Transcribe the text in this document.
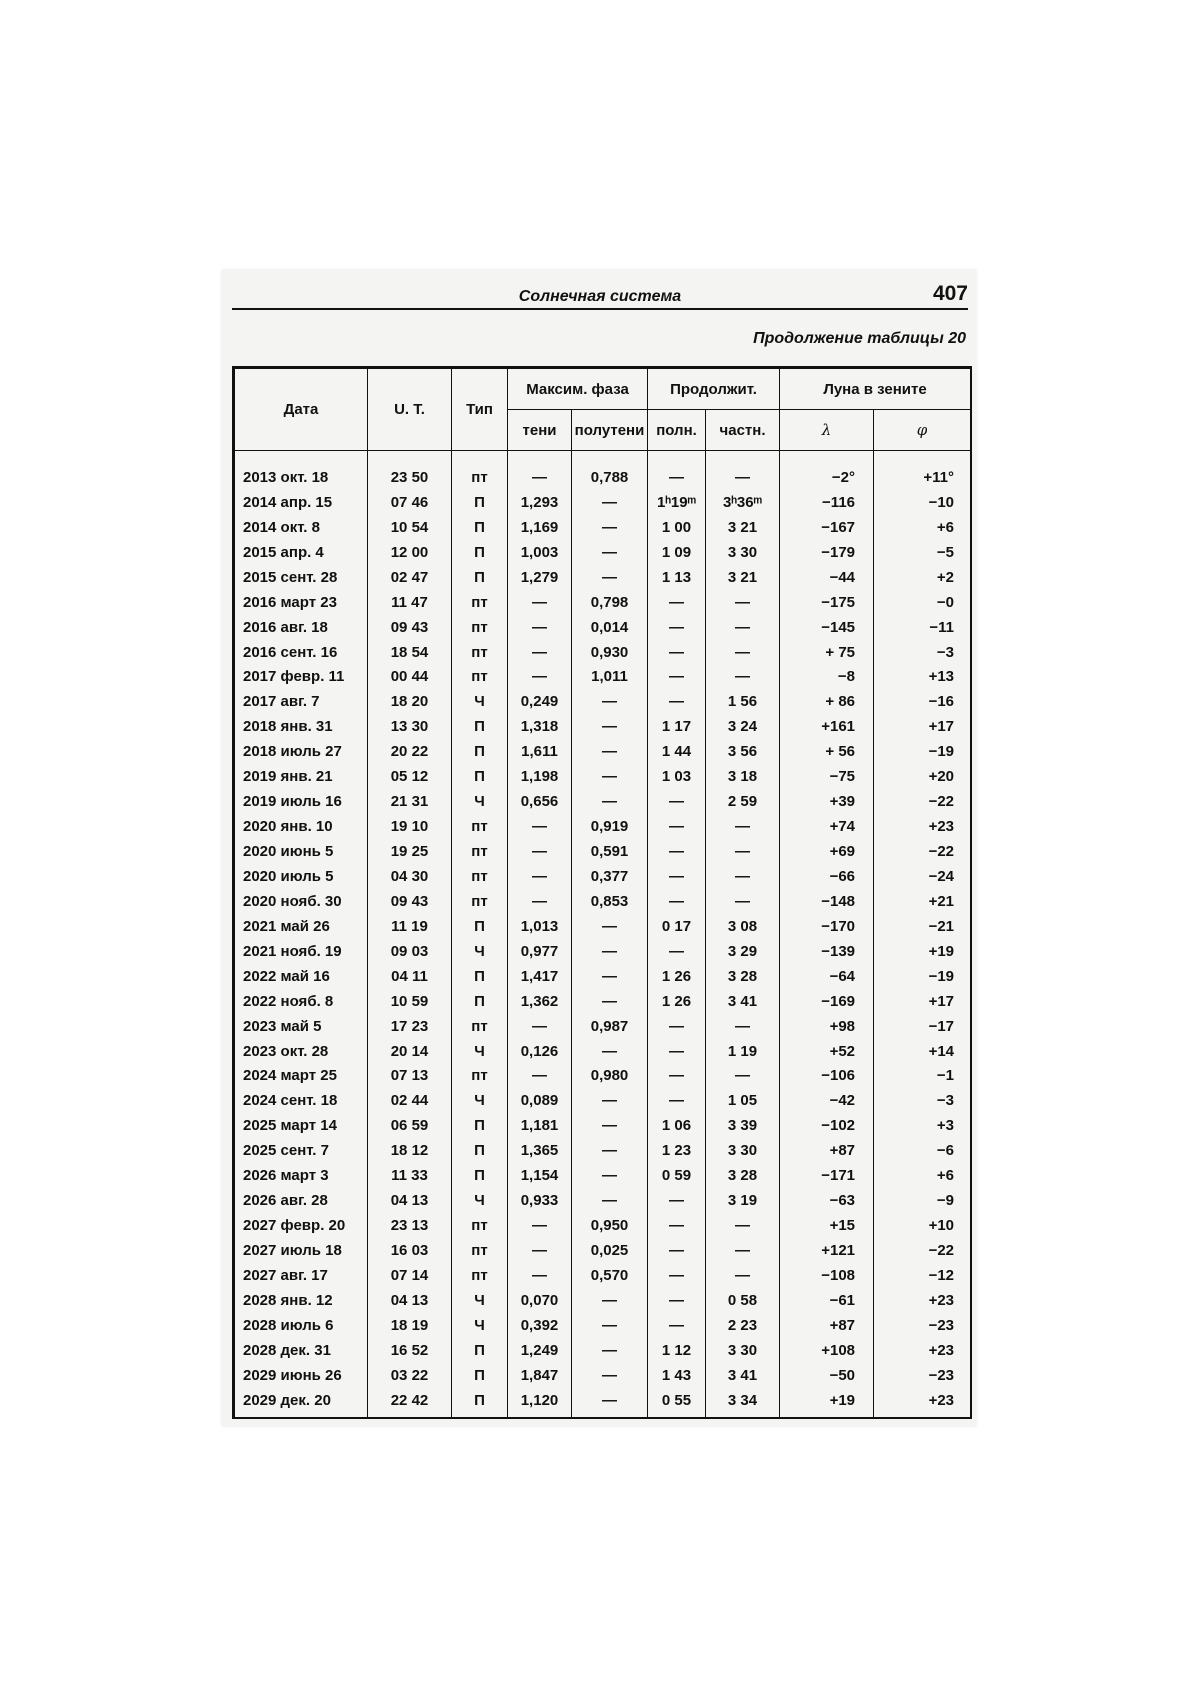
Солнечная система	407
Продолжение таблицы 20
Дата	U. T.	Тип	Максим. фаза		Продолжит.		Луна в зените	
			тени	полутени	полн.	частн.	λ	φ
2013 окт. 18	23 50	пт	—	0,788	—	—	−2°	+11°
2014 апр. 15	07 46	П	1,293	—	1ʰ19ᵐ	3ʰ36ᵐ	−116	−10
2014 окт. 8	10 54	П	1,169	—	1 00	3 21	−167	+6
2015 апр. 4	12 00	П	1,003	—	1 09	3 30	−179	−5
2015 сент. 28	02 47	П	1,279	—	1 13	3 21	−44	+2
2016 март 23	11 47	пт	—	0,798	—	—	−175	−0
2016 авг. 18	09 43	пт	—	0,014	—	—	−145	−11
2016 сент. 16	18 54	пт	—	0,930	—	—	+ 75	−3
2017 февр. 11	00 44	пт	—	1,011	—	—	−8	+13
2017 авг. 7	18 20	Ч	0,249	—	—	1 56	+ 86	−16
2018 янв. 31	13 30	П	1,318	—	1 17	3 24	+161	+17
2018 июль 27	20 22	П	1,611	—	1 44	3 56	+ 56	−19
2019 янв. 21	05 12	П	1,198	—	1 03	3 18	−75	+20
2019 июль 16	21 31	Ч	0,656	—	—	2 59	+39	−22
2020 янв. 10	19 10	пт	—	0,919	—	—	+74	+23
2020 июнь 5	19 25	пт	—	0,591	—	—	+69	−22
2020 июль 5	04 30	пт	—	0,377	—	—	−66	−24
2020 нояб. 30	09 43	пт	—	0,853	—	—	−148	+21
2021 май 26	11 19	П	1,013	—	0 17	3 08	−170	−21
2021 нояб. 19	09 03	Ч	0,977	—	—	3 29	−139	+19
2022 май 16	04 11	П	1,417	—	1 26	3 28	−64	−19
2022 нояб. 8	10 59	П	1,362	—	1 26	3 41	−169	+17
2023 май 5	17 23	пт	—	0,987	—	—	+98	−17
2023 окт. 28	20 14	Ч	0,126	—	—	1 19	+52	+14
2024 март 25	07 13	пт	—	0,980	—	—	−106	−1
2024 сент. 18	02 44	Ч	0,089	—	—	1 05	−42	−3
2025 март 14	06 59	П	1,181	—	1 06	3 39	−102	+3
2025 сент. 7	18 12	П	1,365	—	1 23	3 30	+87	−6
2026 март 3	11 33	П	1,154	—	0 59	3 28	−171	+6
2026 авг. 28	04 13	Ч	0,933	—	—	3 19	−63	−9
2027 февр. 20	23 13	пт	—	0,950	—	—	+15	+10
2027 июль 18	16 03	пт	—	0,025	—	—	+121	−22
2027 авг. 17	07 14	пт	—	0,570	—	—	−108	−12
2028 янв. 12	04 13	Ч	0,070	—	—	0 58	−61	+23
2028 июль 6	18 19	Ч	0,392	—	—	2 23	+87	−23
2028 дек. 31	16 52	П	1,249	—	1 12	3 30	+108	+23
2029 июнь 26	03 22	П	1,847	—	1 43	3 41	−50	−23
2029 дек. 20	22 42	П	1,120	—	0 55	3 34	+19	+23
